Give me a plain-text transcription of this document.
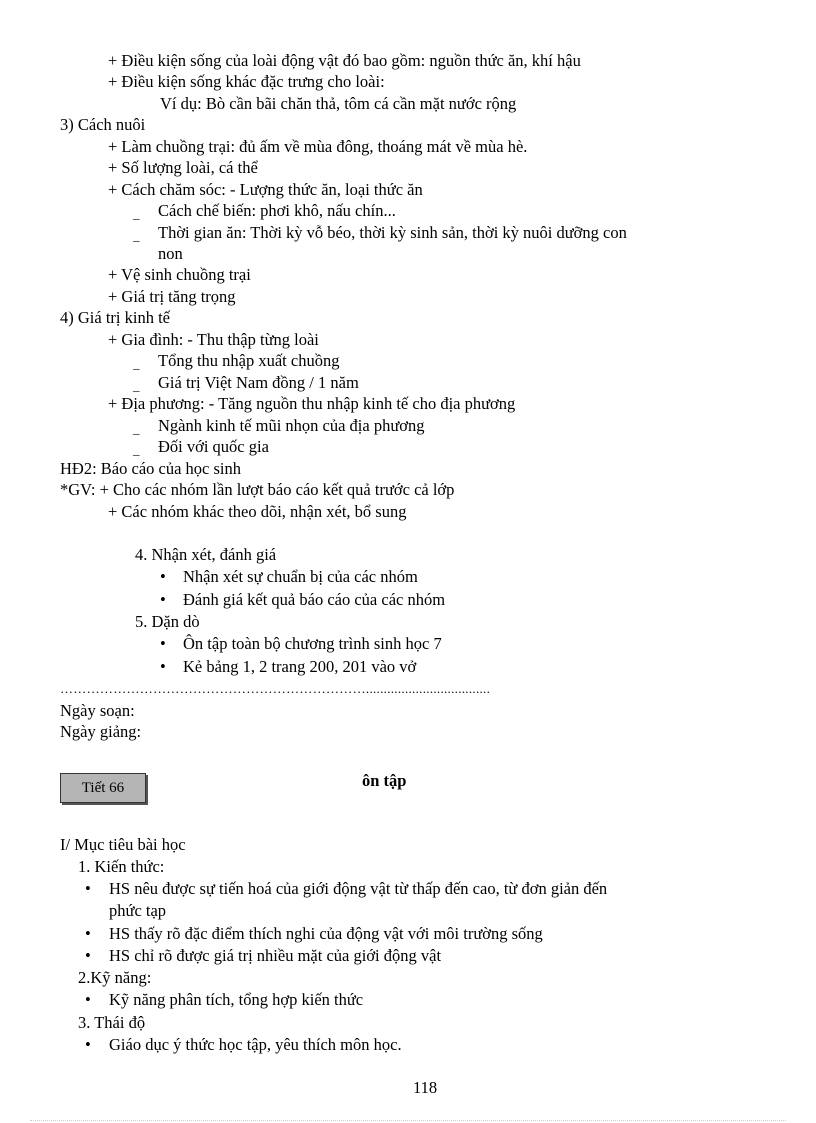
+ Điều kiện sống của loài động vật đó bao gồm: nguồn thức ăn, khí hậu
+ Điều kiện sống khác đặc trưng cho loài:
Ví dụ: Bò cần bãi chăn thả, tôm cá cần mặt nước rộng
3) Cách nuôi
+ Làm chuồng trại: đủ ấm về mùa đông, thoáng mát về mùa hè.
+ Số lượng loài, cá thể
+ Cách chăm sóc: - Lượng thức ăn, loại thức ăn
_ Cách chế biến: phơi khô, nấu chín...
_ Thời gian ăn: Thời kỳ vỗ béo, thời kỳ sinh sản, thời kỳ nuôi dưỡng con
non
+ Vệ sinh chuồng trại
+ Giá trị tăng trọng
4) Giá trị kinh tế
+ Gia đình: - Thu thập từng loài
_ Tổng thu nhập xuất chuồng
_ Giá trị Việt Nam đồng / 1 năm
+ Địa phương: - Tăng nguồn thu nhập kinh tế cho địa phương
_ Ngành kinh tế mũi nhọn của địa phương
_ Đối với quốc gia
HĐ2: Báo cáo của học sinh
*GV: + Cho các nhóm lần lượt báo cáo kết quả trước cả lớp
+ Các nhóm khác theo dõi, nhận xét, bổ sung
4. Nhận xét, đánh giá
• Nhận xét sự chuẩn bị của các nhóm
• Đánh giá kết quả báo cáo của các nhóm
5. Dặn dò
• Ôn tập toàn bộ chương trình sinh học 7
• Kẻ bảng 1, 2 trang 200, 201 vào vở
……………………………………………………………...................................
Ngày soạn:
Ngày giảng:
Tiết 66	ôn tập
I/ Mục tiêu bài học
1. Kiến thức:
• HS nêu được sự tiến hoá của giới động vật từ thấp đến cao, từ đơn giản đến
phức tạp
• HS thấy rõ đặc điểm thích nghi của động vật với môi trường sống
• HS chỉ rõ được giá trị nhiều mặt của giới động vật
2.Kỹ năng:
• Kỹ năng phân tích, tổng hợp kiến thức
3. Thái độ
• Giáo dục ý thức học tập, yêu thích môn học.
118
